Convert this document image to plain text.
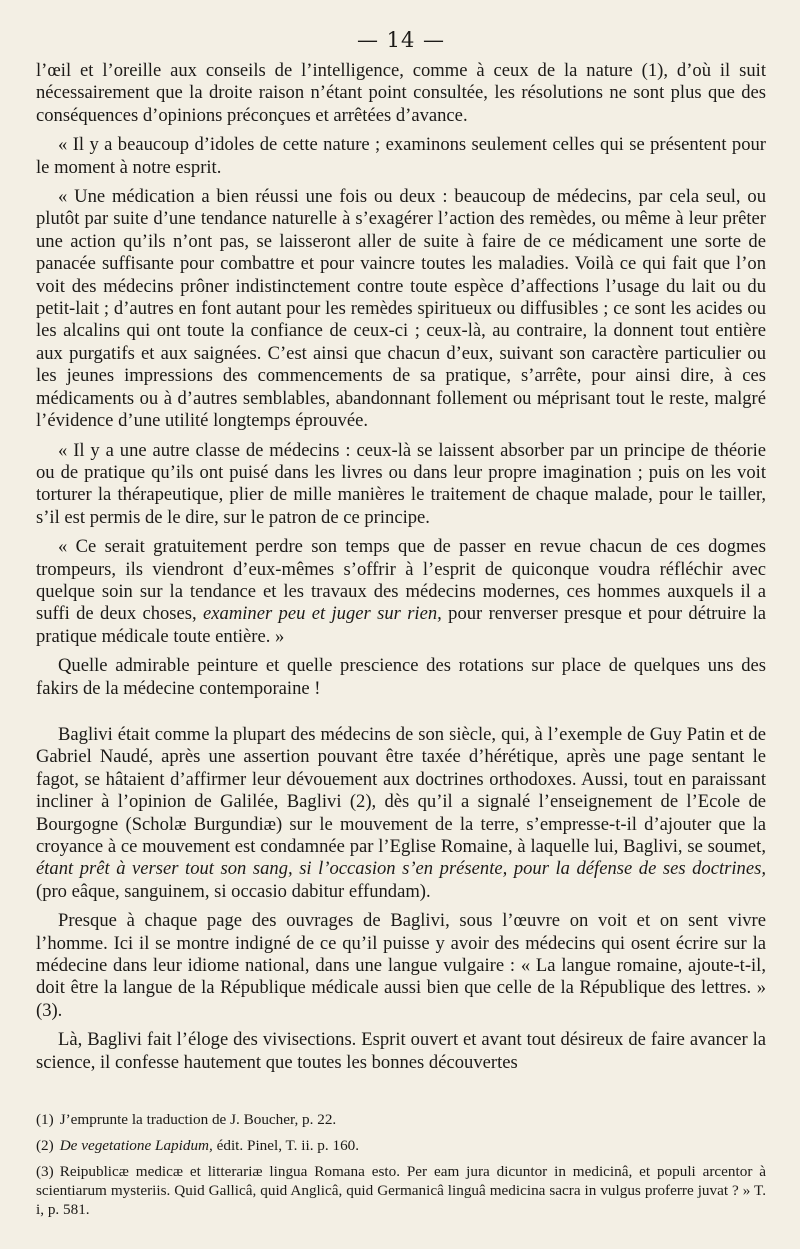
— 14 —

l’œil et l’oreille aux conseils de l’intelligence, comme à ceux de la nature (1), d’où il suit nécessairement que la droite raison n’étant point consultée, les résolutions ne sont plus que des conséquences d’opinions préconçues et arrêtées d’avance.

« Il y a beaucoup d’idoles de cette nature ; examinons seulement celles qui se présentent pour le moment à notre esprit.

« Une médication a bien réussi une fois ou deux : beaucoup de médecins, par cela seul, ou plutôt par suite d’une tendance naturelle à s’exagérer l’action des remèdes, ou même à leur prêter une action qu’ils n’ont pas, se laisseront aller de suite à faire de ce médicament une sorte de panacée suffisante pour combattre et pour vaincre toutes les maladies. Voilà ce qui fait que l’on voit des médecins prôner indistinctement contre toute espèce d’affections l’usage du lait ou du petit-lait ; d’autres en font autant pour les remèdes spiritueux ou diffusibles ; ce sont les acides ou les alcalins qui ont toute la confiance de ceux-ci ; ceux-là, au contraire, la donnent tout entière aux purgatifs et aux saignées. C’est ainsi que chacun d’eux, suivant son caractère particulier ou les jeunes impressions des commencements de sa pratique, s’arrête, pour ainsi dire, à ces médicaments ou à d’autres semblables, abandonnant follement ou méprisant tout le reste, malgré l’évidence d’une utilité longtemps éprouvée.

« Il y a une autre classe de médecins : ceux-là se laissent absorber par un principe de théorie ou de pratique qu’ils ont puisé dans les livres ou dans leur propre imagination ; puis on les voit torturer la thérapeutique, plier de mille manières le traitement de chaque malade, pour le tailler, s’il est permis de le dire, sur le patron de ce principe.

« Ce serait gratuitement perdre son temps que de passer en revue chacun de ces dogmes trompeurs, ils viendront d’eux-mêmes s’offrir à l’esprit de quiconque voudra réfléchir avec quelque soin sur la tendance et les travaux des médecins modernes, ces hommes auxquels il a suffi de deux choses, examiner peu et juger sur rien, pour renverser presque et pour détruire la pratique médicale toute entière. »

Quelle admirable peinture et quelle prescience des rotations sur place de quelques uns des fakirs de la médecine contemporaine !

Baglivi était comme la plupart des médecins de son siècle, qui, à l’exemple de Guy Patin et de Gabriel Naudé, après une assertion pouvant être taxée d’hérétique, après une page sentant le fagot, se hâtaient d’affirmer leur dévouement aux doctrines orthodoxes. Aussi, tout en paraissant incliner à l’opinion de Galilée, Baglivi (2), dès qu’il a signalé l’enseignement de l’Ecole de Bourgogne (Scholæ Burgundiæ) sur le mouvement de la terre, s’empresse-t-il d’ajouter que la croyance à ce mouvement est condamnée par l’Eglise Romaine, à laquelle lui, Baglivi, se soumet, étant prêt à verser tout son sang, si l’occasion s’en présente, pour la défense de ses doctrines, (pro eâque, sanguinem, si occasio dabitur effundam).

Presque à chaque page des ouvrages de Baglivi, sous l’œuvre on voit et on sent vivre l’homme. Ici il se montre indigné de ce qu’il puisse y avoir des médecins qui osent écrire sur la médecine dans leur idiome national, dans une langue vulgaire : « La langue romaine, ajoute-t-il, doit être la langue de la République médicale aussi bien que celle de la République des lettres. » (3).

Là, Baglivi fait l’éloge des vivisections. Esprit ouvert et avant tout désireux de faire avancer la science, il confesse hautement que toutes les bonnes découvertes

(1) J’emprunte la traduction de J. Boucher, p. 22.

(2) De vegetatione Lapidum, édit. Pinel, T. ii. p. 160.

(3) Reipublicæ medicæ et litterariæ lingua Romana esto. Per eam jura dicuntor in medicinâ, et populi arcentor à scientiarum mysteriis. Quid Gallicâ, quid Anglicâ, quid Germanicâ linguâ medicina sacra in vulgus proferre juvat ? » T. i, p. 581.
